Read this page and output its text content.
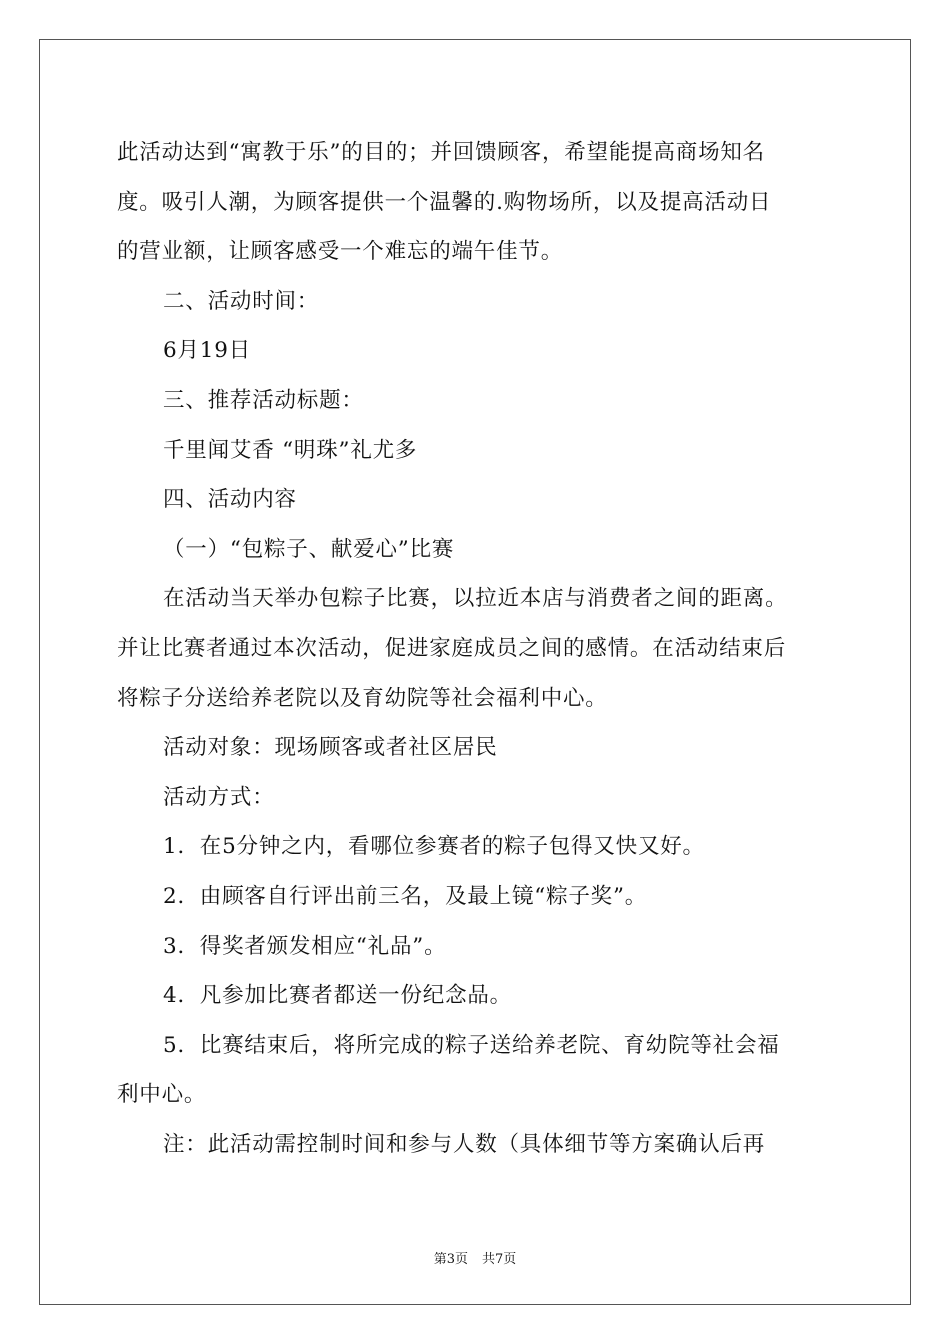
此活动达到“寓教于乐”的目的；并回馈顾客，希望能提高商场知名
度。吸引人潮，为顾客提供一个温馨的.购物场所，以及提高活动日
的营业额，让顾客感受一个难忘的端午佳节。
二、活动时间：
6月19日
三、推荐活动标题：
千里闻艾香 “明珠”礼尤多
四、活动内容
（一）“包粽子、献爱心”比赛
在活动当天举办包粽子比赛，以拉近本店与消费者之间的距离。
并让比赛者通过本次活动，促进家庭成员之间的感情。在活动结束后
将粽子分送给养老院以及育幼院等社会福利中心。
活动对象：现场顾客或者社区居民
活动方式：
1．在5分钟之内，看哪位参赛者的粽子包得又快又好。
2．由顾客自行评出前三名，及最上镜“粽子奖”。
3．得奖者颁发相应“礼品”。
4．凡参加比赛者都送一份纪念品。
5．比赛结束后，将所完成的粽子送给养老院、育幼院等社会福
利中心。
注：此活动需控制时间和参与人数（具体细节等方案确认后再
第3页 共7页
